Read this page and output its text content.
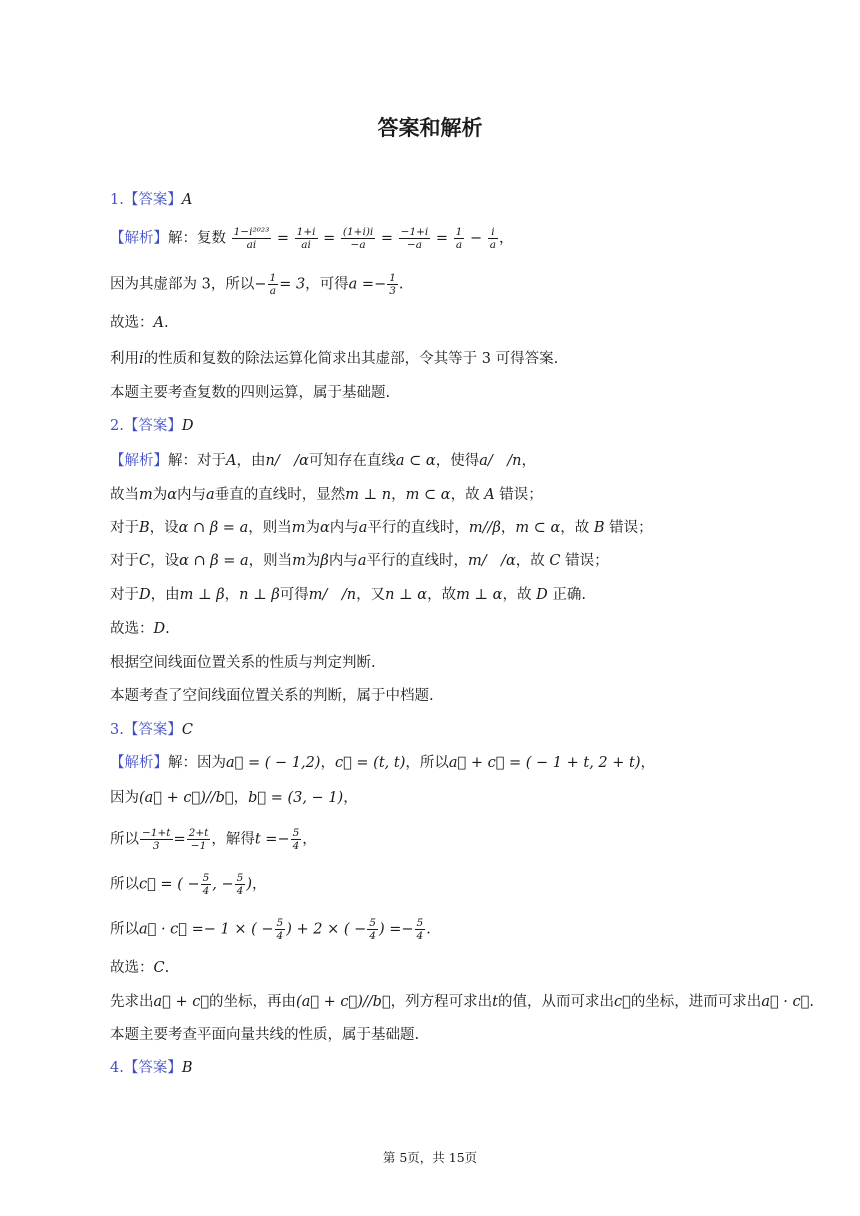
答案和解析
1.【答案】A
【解析】解：复数 $\frac{\text{1−i²⁰²³}}{ai} = \frac{1+i}{ai} = \frac{(1+i)i}{-a} = \frac{-1+i}{-a} = \frac{1}{a} - \frac{i}{a}$ ，
因为其虚部为 3，所以− $\frac{1}{a} = 3$，可得$a =- \frac{1}{3}$ .
故选：A.
利用i的性质和复数的除法运算化简求出其虚部，令其等于 3 可得答案.
本题主要考查复数的四则运算，属于基础题.
2.【答案】D
【解析】解：对于A，由n/　/α可知存在直线a ⊂ α，使得a/　/n，
故当m为α内与a垂直的直线时，显然m ⊥ n，m ⊂ α，故 A 错误；
对于B，设α ∩ β = a，则当m为α内与a平行的直线时，m//β，m ⊂ α，故 B 错误；
对于C，设α ∩ β = a，则当m为β内与a平行的直线时，m/　/α，故 C 错误；
对于D，由m ⊥ β，n ⊥ β可得m/　/n，又n ⊥ α，故m ⊥ α，故 D 正确.
故选：D.
根据空间线面位置关系的性质与判定判断.
本题考查了空间线面位置关系的判断，属于中档题.
3.【答案】C
【解析】解：因为a⃗ = ( − 1,2)，c⃗ = (t, t)，所以a⃗ + c⃗ = ( − 1 + t, 2 + t)，
因为(a⃗ + c⃗)//b⃗，b⃗ = (3, − 1)，
所以 $\frac{-1+t}{3} = \frac{2+t}{-1}$ ，解得$t =- \frac{5}{4}$ ，
所以c⃗ = ( − $\frac{5}{4}$ , − $\frac{5}{4}$ )，
所以a⃗ · c⃗ =− 1 × ( − $\frac{5}{4}$ ) + 2 × ( − $\frac{5}{4}$ ) =− $\frac{5}{4}$ .
故选：C.
先求出a⃗ + c⃗的坐标，再由(a⃗ + c⃗)//b⃗，列方程可求出t的值，从而可求出c⃗的坐标，进而可求出a⃗ · c⃗.
本题主要考查平面向量共线的性质，属于基础题.
4.【答案】B
第 5页，共 15页
